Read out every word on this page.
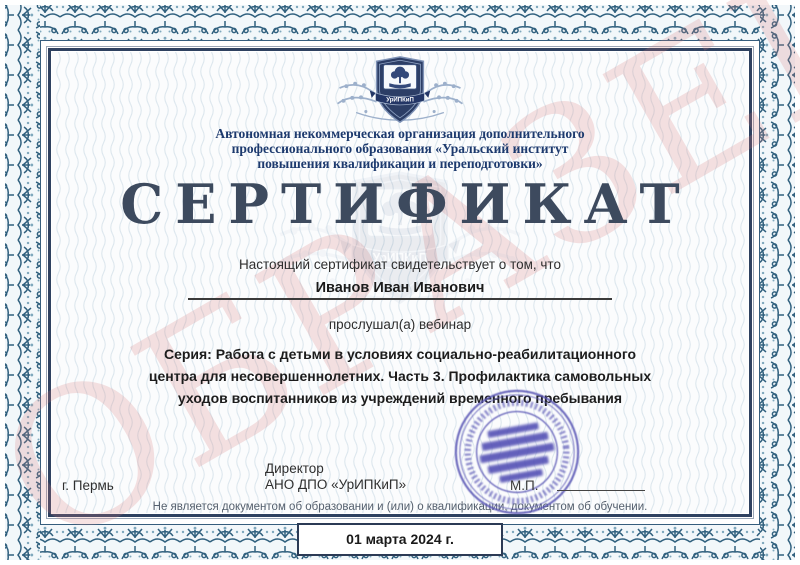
Автономная некоммерческая организация дополнительного
профессионального образования «Уральский институт
повышения квалификации и переподготовки»
СЕРТИФИКАТ
Настоящий сертификат свидетельствует о том, что
Иванов Иван Иванович
прослушал(а) вебинар
Серия: Работа с детьми в условиях социально-реабилитационного
центра для несовершеннолетних. Часть 3. Профилактика самовольных
уходов воспитанников из учреждений временного пребывания
г. Пермь
Директор
АНО ДПО «УрИПКиП»	М.П.
Не является документом об образовании и (или) о квалификации, документом об обучении.
01 марта 2024 г.
